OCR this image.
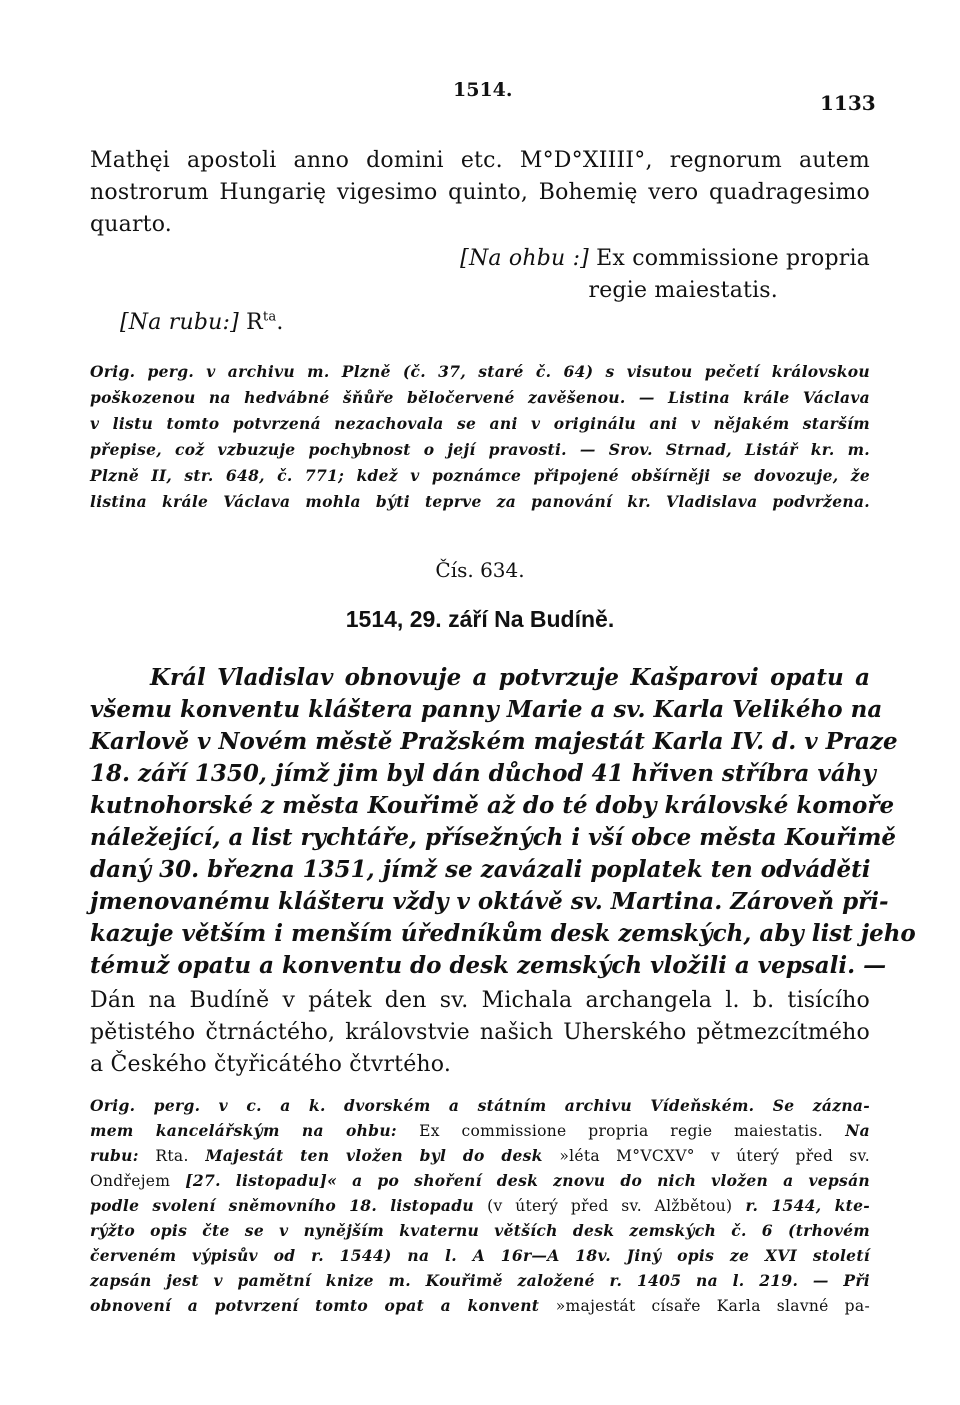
1514.
1133
Mathęi apostoli anno domini etc. M°D°XIIII°, regnorum autem
nostrorum Hungarię vigesimo quinto, Bohemię vero quadragesimo
quarto.
[Na ohbu :] Ex commissione propria
regie maiestatis.
[Na rubu:] $R^{ta}$.
Orig. perg. v archivu m. Plzně (č. 37, staré č. 64) s visutou pečetí královskou
poškozenou na hedvábné šňůře běločervené zavěšenou. — Listina krále Václava
v listu tomto potvrzená nezachovala se ani v originálu ani v nějakém starším
přepise, což vzbuzuje pochybnost o její pravosti. — Srov. Strnad, Listář kr. m.
Plzně II, str. 648, č. 771; kdež v poznámce připojené obšírněji se dovozuje, že
listina krále Václava mohla býti teprve za panování kr. Vladislava podvržena.
Čís. 634.
1514, 29. září Na Budíně.
Král Vladislav obnovuje a potvrzuje Kašparovi opatu a
všemu konventu kláštera panny Marie a sv. Karla Velikého na
Karlově v Novém městě Pražském majestát Karla IV. d. v Praze
18. září 1350, jímž jim byl dán důchod 41 hřiven stříbra váhy
kutnohorské z města Kouřimě až do té doby královské komoře
náležející, a list rychtáře, přísežných i vší obce města Kouřimě
daný 30. března 1351, jímž se zavázali poplatek ten odváděti
jmenovanému klášteru vždy v oktávě sv. Martina. Zároveň při-
kazuje větším i menším úředníkům desk zemských, aby list jeho
témuž opatu a konventu do desk zemských vložili a vepsali. —
Dán na Budíně v pátek den sv. Michala archangela l. b. tisícího
pětistého čtrnáctého, královstvie našich Uherského pětmezcítmého
a Českého čtyřicátého čtvrtého.
Orig. perg. v c. a k. dvorském a státním archivu Vídeňském. Se zázna-
mem kancelářským na ohbu: Ex commissione propria regie maiestatis. Na
rubu: Rta. Majestát ten vložen byl do desk »léta M°VCXV° v úterý před sv.
Ondřejem [27. listopadu]« a po shoření desk znovu do nich vložen a vepsán
podle svolení sněmovního 18. listopadu (v úterý před sv. Alžbětou) r. 1544, kte-
rýžto opis čte se v nynějším kvaternu větších desk zemských č. 6 (trhovém
červeném výpisův od r. 1544) na l. A 16r—A 18v. Jiný opis ze XVI století
zapsán jest v pamětní knize m. Kouřimě založené r. 1405 na l. 219. — Při
obnovení a potvrzení tomto opat a konvent »majestát císaře Karla slavné pa-
